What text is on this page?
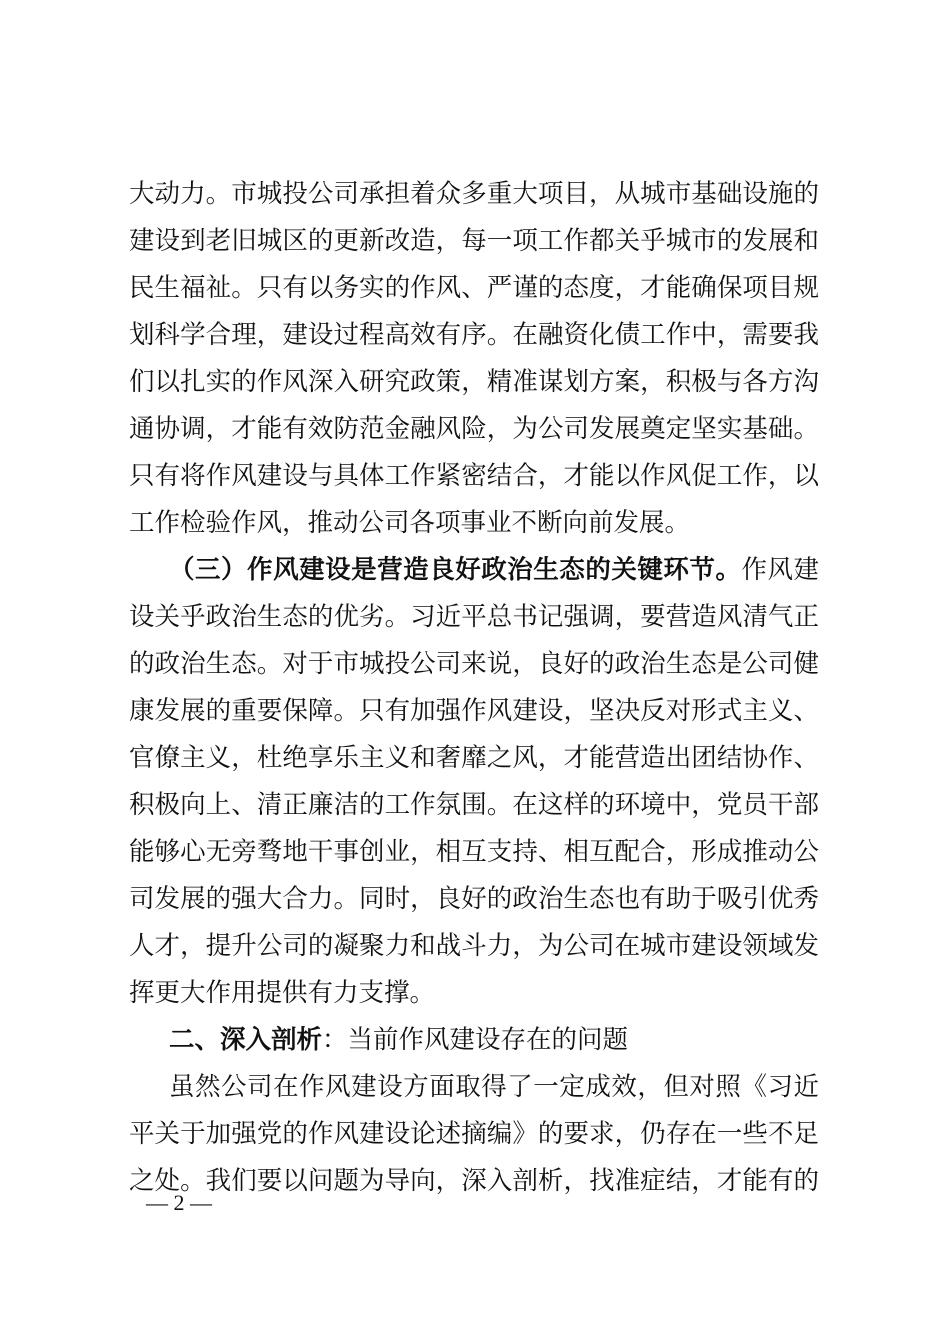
大动力。市城投公司承担着众多重大项目，从城市基础设施的
建设到老旧城区的更新改造，每一项工作都关乎城市的发展和
民生福祉。只有以务实的作风、严谨的态度，才能确保项目规
划科学合理，建设过程高效有序。在融资化债工作中，需要我
们以扎实的作风深入研究政策，精准谋划方案，积极与各方沟
通协调，才能有效防范金融风险，为公司发展奠定坚实基础。
只有将作风建设与具体工作紧密结合，才能以作风促工作，以
工作检验作风，推动公司各项事业不断向前发展。
（三）作风建设是营造良好政治生态的关键环节。作风建
设关乎政治生态的优劣。习近平总书记强调，要营造风清气正
的政治生态。对于市城投公司来说，良好的政治生态是公司健
康发展的重要保障。只有加强作风建设，坚决反对形式主义、
官僚主义，杜绝享乐主义和奢靡之风，才能营造出团结协作、
积极向上、清正廉洁的工作氛围。在这样的环境中，党员干部
能够心无旁骛地干事创业，相互支持、相互配合，形成推动公
司发展的强大合力。同时，良好的政治生态也有助于吸引优秀
人才，提升公司的凝聚力和战斗力，为公司在城市建设领域发
挥更大作用提供有力支撑。
二、深入剖析：当前作风建设存在的问题
虽然公司在作风建设方面取得了一定成效，但对照《习近
平关于加强党的作风建设论述摘编》的要求，仍存在一些不足
之处。我们要以问题为导向，深入剖析，找准症结，才能有的
— 2 —
